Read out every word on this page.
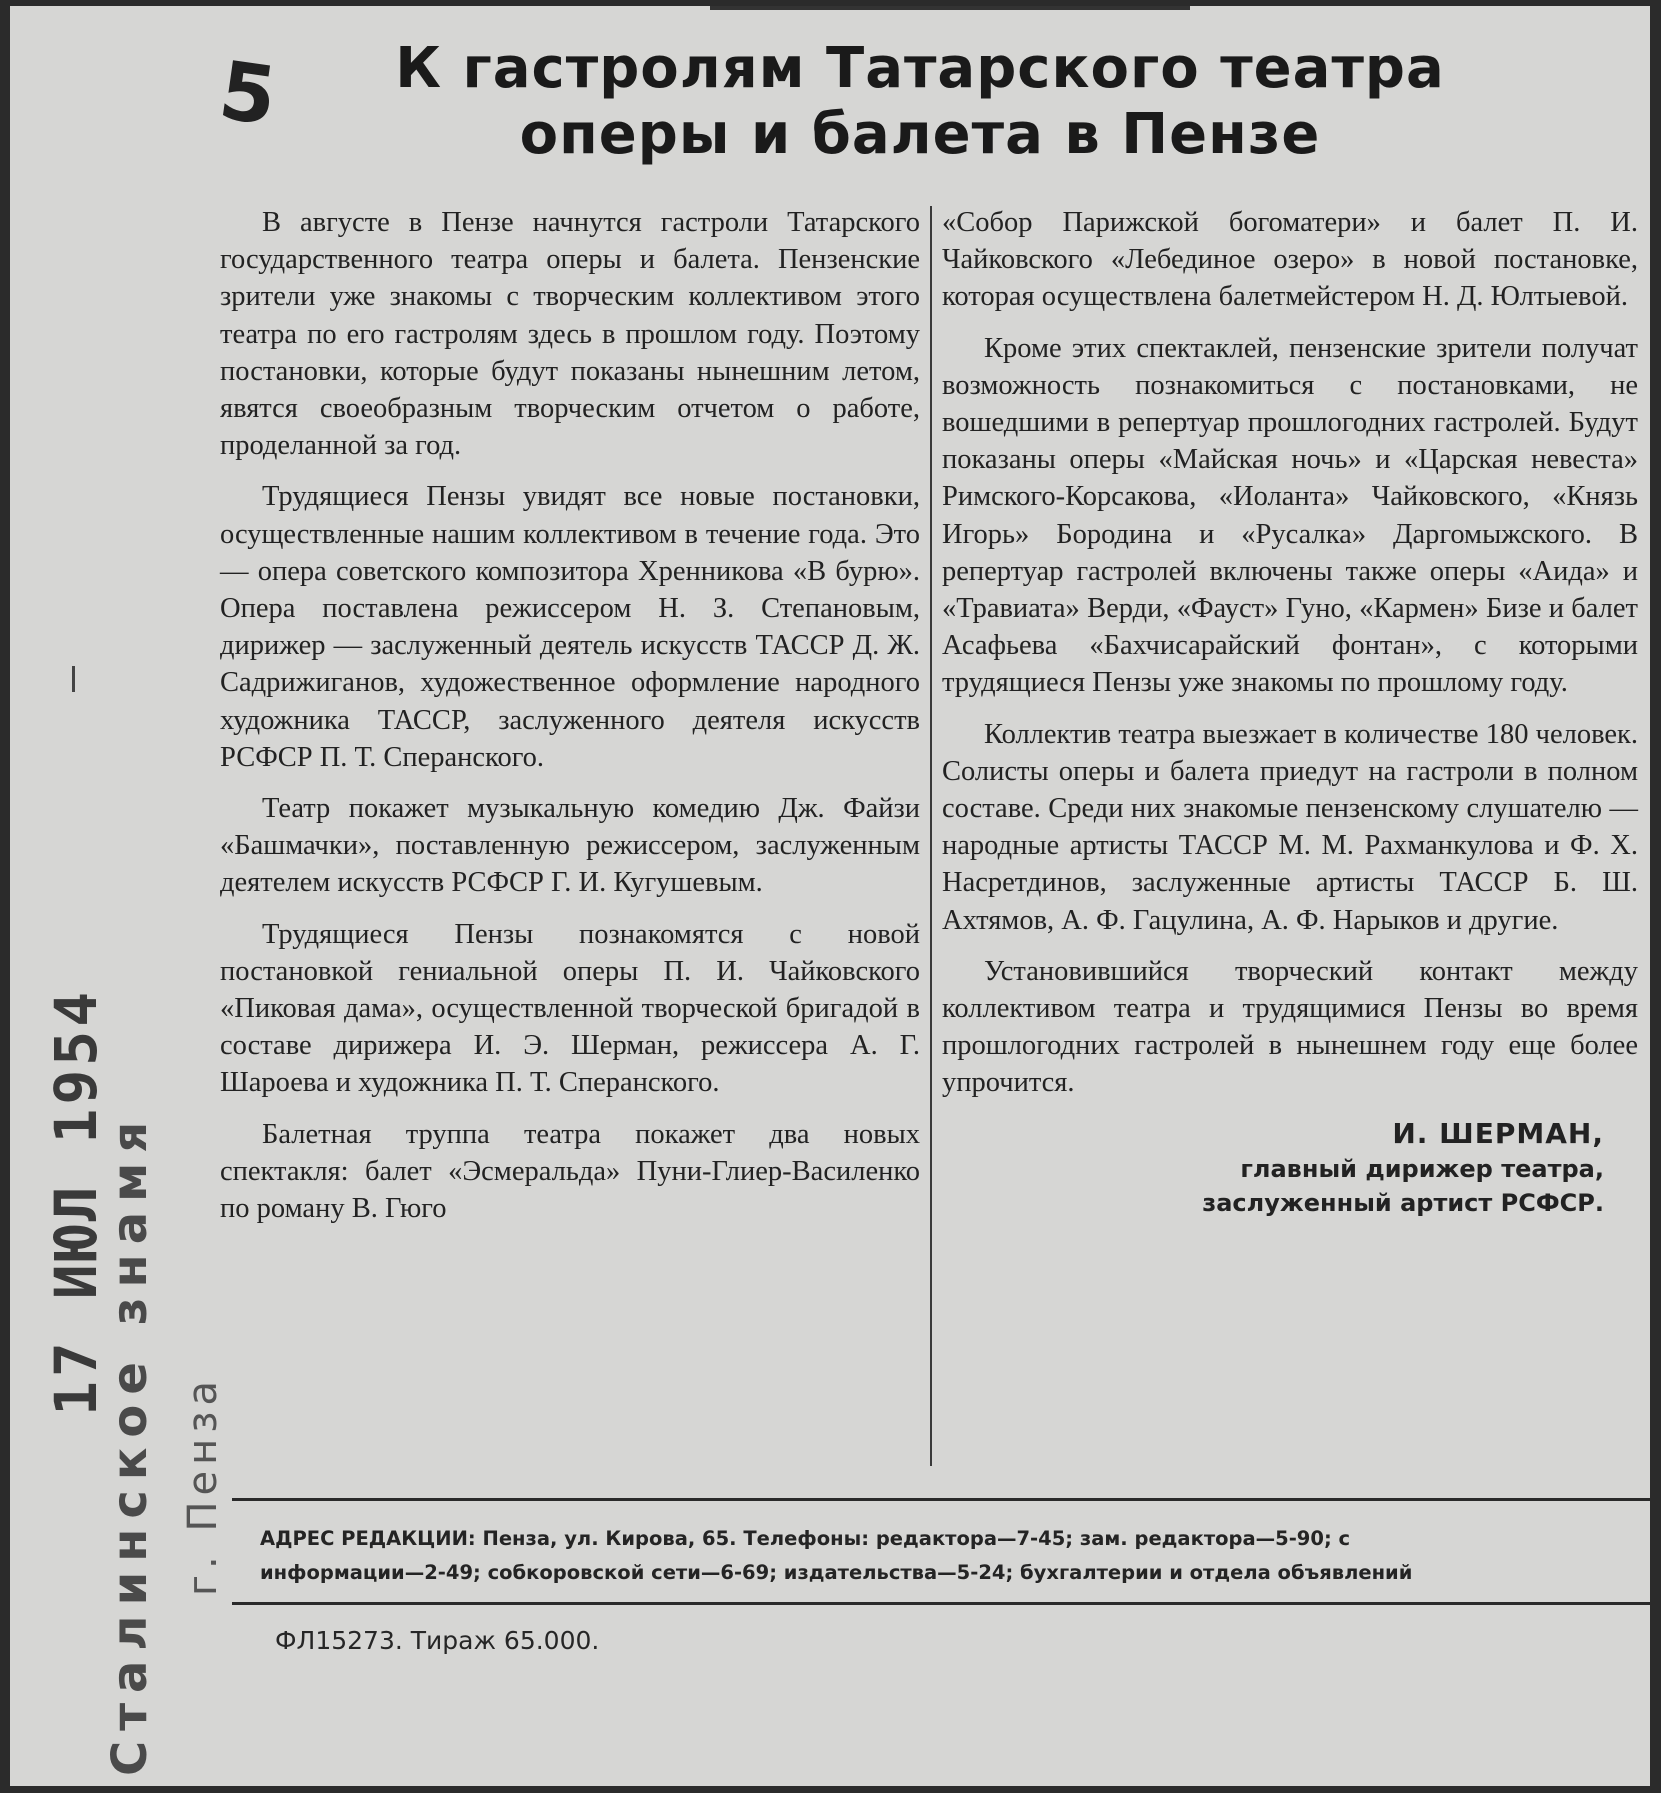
5	К гастролям Татарского театра
оперы и балета в Пензе

В августе в Пензе начнутся гастроли Татарского государственного театра оперы и балета. Пензенские зрители уже знакомы с творческим коллективом этого театра по его гастролям здесь в прошлом году. Поэтому постановки, которые будут показаны нынешним летом, явятся своеобразным творческим отчетом о работе, проделанной за год.

Трудящиеся Пензы увидят все новые постановки, осуществленные нашим коллективом в течение года. Это — опера советского композитора Хренникова «В бурю». Опера поставлена режиссером Н. З. Степановым, дирижер — заслуженный деятель искусств ТАССР Д. Ж. Садрижиганов, художественное оформление народного художника ТАССР, заслуженного деятеля искусств РСФСР П. Т. Сперанского.

Театр покажет музыкальную комедию Дж. Файзи «Башмачки», поставленную режиссером, заслуженным деятелем искусств РСФСР Г. И. Кугушевым.

Трудящиеся Пензы познакомятся с новой постановкой гениальной оперы П. И. Чайковского «Пиковая дама», осуществленной творческой бригадой в составе дирижера И. Э. Шерман, режиссера А. Г. Шароева и художника П. Т. Сперанского.

Балетная труппа театра покажет два новых спектакля: балет «Эсмеральда» Пуни-Глиер-Василенко по роману В. Гюго

«Собор Парижской богоматери» и балет П. И. Чайковского «Лебединое озеро» в новой постановке, которая осуществлена балетмейстером Н. Д. Юлтыевой.

Кроме этих спектаклей, пензенские зрители получат возможность познакомиться с постановками, не вошедшими в репертуар прошлогодних гастролей. Будут показаны оперы «Майская ночь» и «Царская невеста» Римского-Корсакова, «Иоланта» Чайковского, «Князь Игорь» Бородина и «Русалка» Даргомыжского. В репертуар гастролей включены также оперы «Аида» и «Травиата» Верди, «Фауст» Гуно, «Кармен» Бизе и балет Асафьева «Бахчисарайский фонтан», с которыми трудящиеся Пензы уже знакомы по прошлому году.

Коллектив театра выезжает в количестве 180 человек. Солисты оперы и балета приедут на гастроли в полном составе. Среди них знакомые пензенскому слушателю — народные артисты ТАССР М. М. Рахманкулова и Ф. Х. Насретдинов, заслуженные артисты ТАССР Б. Ш. Ахтямов, А. Ф. Гацулина, А. Ф. Нарыков и другие.

Установившийся творческий контакт между коллективом театра и трудящимися Пензы во время прошлогодних гастролей в нынешнем году еще более упрочится.

И. ШЕРМАН,
главный дирижер театра,
заслуженный артист РСФСР.
АДРЕС РЕДАКЦИИ: Пенза, ул. Кирова, 65. Телефоны: редактора—7-45; зам. редактора—5-90; с
информации—2-49; собкоровской сети—6-69; издательства—5-24; бухгалтерии и отдела объявлений
ФЛ15273. Тираж 65.000.
17 ИЮЛ 1954
Сталинское знамя г. Пенза
